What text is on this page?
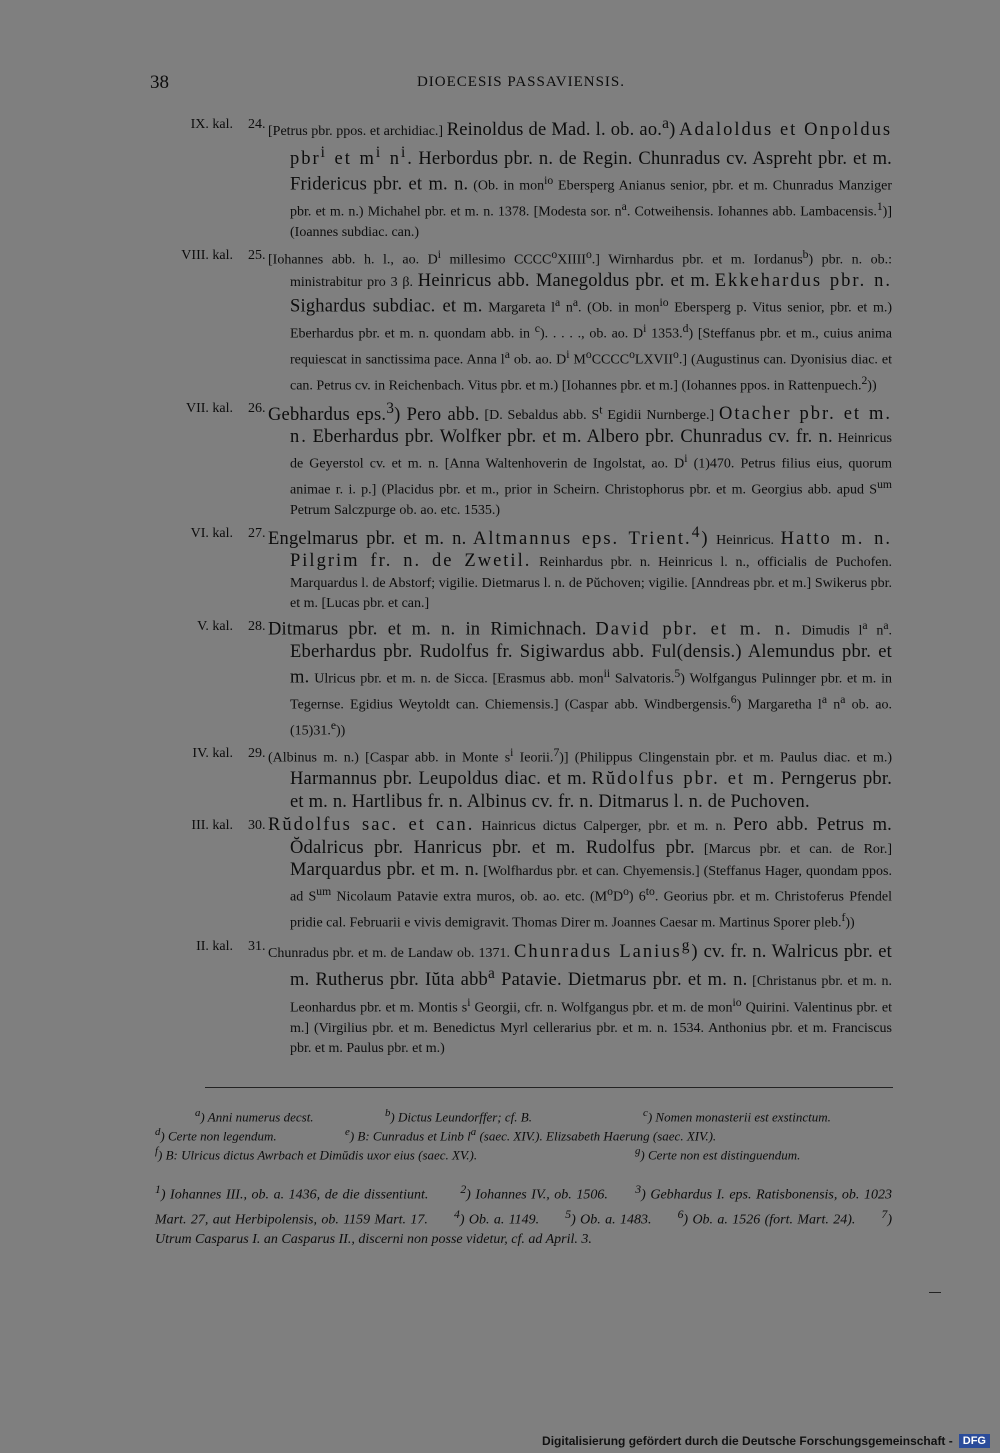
38	DIOECESIS PASSAVIENSIS.
IX. kal. 24. [Petrus pbr. ppos. et archidiac.] Reinoldus de Mad. l. ob. ao.$^a$) Adaloldus et Onpoldus pbr$^i$ et $m^i$ $n^i$. Herbordus pbr. n. de Regin. Chunradus cv. Aspreht pbr. et m. Fridericus pbr. et m. n. (Ob. in mon$^{io}$ Ebersperg Anianus senior, pbr. et m. Chunradus Manziger pbr. et m. n.) Michahel pbr. et m. n. 1378. [Modesta sor. $n^a$. Cotweihensis. Iohannes abb. Lambacensis.$^1$)] (Ioannes subdiac. can.)
VIII. kal. 25. [Iohannes abb. h. l., ao. $D^i$ millesimo CCCC$^o$XIIII$^o$.] Wirnhardus pbr. et m. Iordanus$^b$) pbr. n. ob.: ministrabitur pro 3 β. Heinricus abb. Manegoldus pbr. et m. Ekkehardus pbr. n. Sighardus subdiac. et m. Margareta $l^a$ $n^a$. (Ob. in mon$^{io}$ Ebersperg p. Vitus senior, pbr. et m.) Eberhardus pbr. et m. n. quondam abb. in $^c$). . . . ., ob. ao. $D^i$ 1353.$^d$) [Steffanus pbr. et m., cuius anima requiescat in sanctissima pace. Anna $l^a$ ob. ao. $D^i$ $M^oCCCC^oLXVII^o$.] (Augustinus can. Dyonisius diac. et can. Petrus cv. in Reichenbach. Vitus pbr. et m.) [Iohannes pbr. et m.] (Iohannes ppos. in Rattenpuech.$^2$))
VII. kal. 26. Gebhardus eps.$^3$) Pero abb. [D. Sebaldus abb. $S^t$ Egidii Nurnberge.] Otacher pbr. et m. n. Eberhardus pbr. Wolfker pbr. et m. Albero pbr. Chunradus cv. fr. n. Heinricus de Geyerstol cv. et m. n. [Anna Waltenhoverin de Ingolstat, ao. $D^i$ (1)470. Petrus filius eius, quorum animae r. i. p.] (Placidus pbr. et m., prior in Scheirn. Christophorus pbr. et m. Georgius abb. apud $S^{um}$ Petrum Salczpurge ob. ao. etc. 1535.)
VI. kal. 27. Engelmarus pbr. et m. n. Altmannus eps. Trient.$^4$) Heinricus. Hatto m. n. Pilgrim fr. n. de Zwetil. Reinhardus pbr. n. Heinricus l. n., officialis de Puchofen. Marquardus l. de Abstorf; vigilie. Dietmarus l. n. de Pŭchoven; vigilie. [Anndreas pbr. et m.] Swikerus pbr. et m. [Lucas pbr. et can.]
V. kal. 28. Ditmarus pbr. et m. n. in Rimichnach. David pbr. et m. n. Dimudis $l^a$ $n^a$. Eberhardus pbr. Rudolfus fr. Sigiwardus abb. Ful(densis.) Alemundus pbr. et m. Ulricus pbr. et m. n. de Sicca. [Erasmus abb. mon$^{ii}$ Salvatoris.$^5$) Wolfgangus Pulinnger pbr. et m. in Tegernse. Egidius Weytoldt can. Chiemensis.] (Caspar abb. Windbergensis.$^6$) Margaretha $l^a$ $n^a$ ob. ao. (15)31.$^e$))
IV. kal. 29. (Albinus m. n.) [Caspar abb. in Monte $s^i$ Ieorii.$^7$)] (Philippus Clingenstain pbr. et m. Paulus diac. et m.) Harmannus pbr. Leupoldus diac. et m. Rŭdolfus pbr. et m. Perngerus pbr. et m. n. Hartlibus fr. n. Albinus cv. fr. n. Ditmarus l. n. de Puchoven.
III. kal. 30. Rŭdolfus sac. et can. Hainricus dictus Calperger, pbr. et m. n. Pero abb. Petrus m. Ŏdalricus pbr. Hanricus pbr. et m. Rudolfus pbr. [Marcus pbr. et can. de Ror.] Marquardus pbr. et m. n. [Wolfhardus pbr. et can. Chyemensis.] (Steffanus Hager, quondam ppos. ad $S^{um}$ Nicolaum Patavie extra muros, ob. ao. etc. $(M^oD^o)$ $6^{to}$. Georius pbr. et m. Christoferus Pfendel pridie cal. Februarii e vivis demigravit. Thomas Direr m. Joannes Caesar m. Martinus Sporer pleb.$^f$))
II. kal. 31. Chunradus pbr. et m. de Landaw ob. 1371. Chunradus Lanius$^g$) cv. fr. n. Walricus pbr. et m. Rutherus pbr. Iŭta abb$^a$ Patavie. Dietmarus pbr. et m. n. [Christanus pbr. et m. n. Leonhardus pbr. et m. Montis $s^i$ Georgii, cfr. n. Wolfgangus pbr. et m. de mon$^{io}$ Quirini. Valentinus pbr. et m.] (Virgilius pbr. et m. Benedictus Myrl cellerarius pbr. et m. n. 1534. Anthonius pbr. et m. Franciscus pbr. et m. Paulus pbr. et m.)
$^a$) Anni numerus decst.	$^b$) Dictus Leundorffer; cf. B.	$^c$) Nomen monasterii est exstinctum.
$^d$) Certe non legendum.	$^e$) B: Cunradus et Linb $l^a$ (saec. XIV.). Elizsabeth Haerung (saec. XIV.).
$^f$) B: Ulricus dictus Awrbach et Dimŭdis uxor eius (saec. XV.).	$^g$) Certe non est distinguendum.
$^1$) Iohannes III., ob. a. 1436, de die dissentiunt.       $^2$) Iohannes IV., ob. 1506.      $^3$) Gebhardus I. eps. Ratisbonensis, ob. 1023 Mart. 27, aut Herbipolensis, ob. 1159 Mart. 17.      $^4$) Ob. a. 1149.      $^5$) Ob. a. 1483.      $^6$) Ob. a. 1526 (fort. Mart. 24).      $^7$) Utrum Casparus I. an Casparus II., discerni non posse videtur, cf. ad April. 3.
Digitalisierung gefördert durch die Deutsche Forschungsgemeinschaft - DFG
